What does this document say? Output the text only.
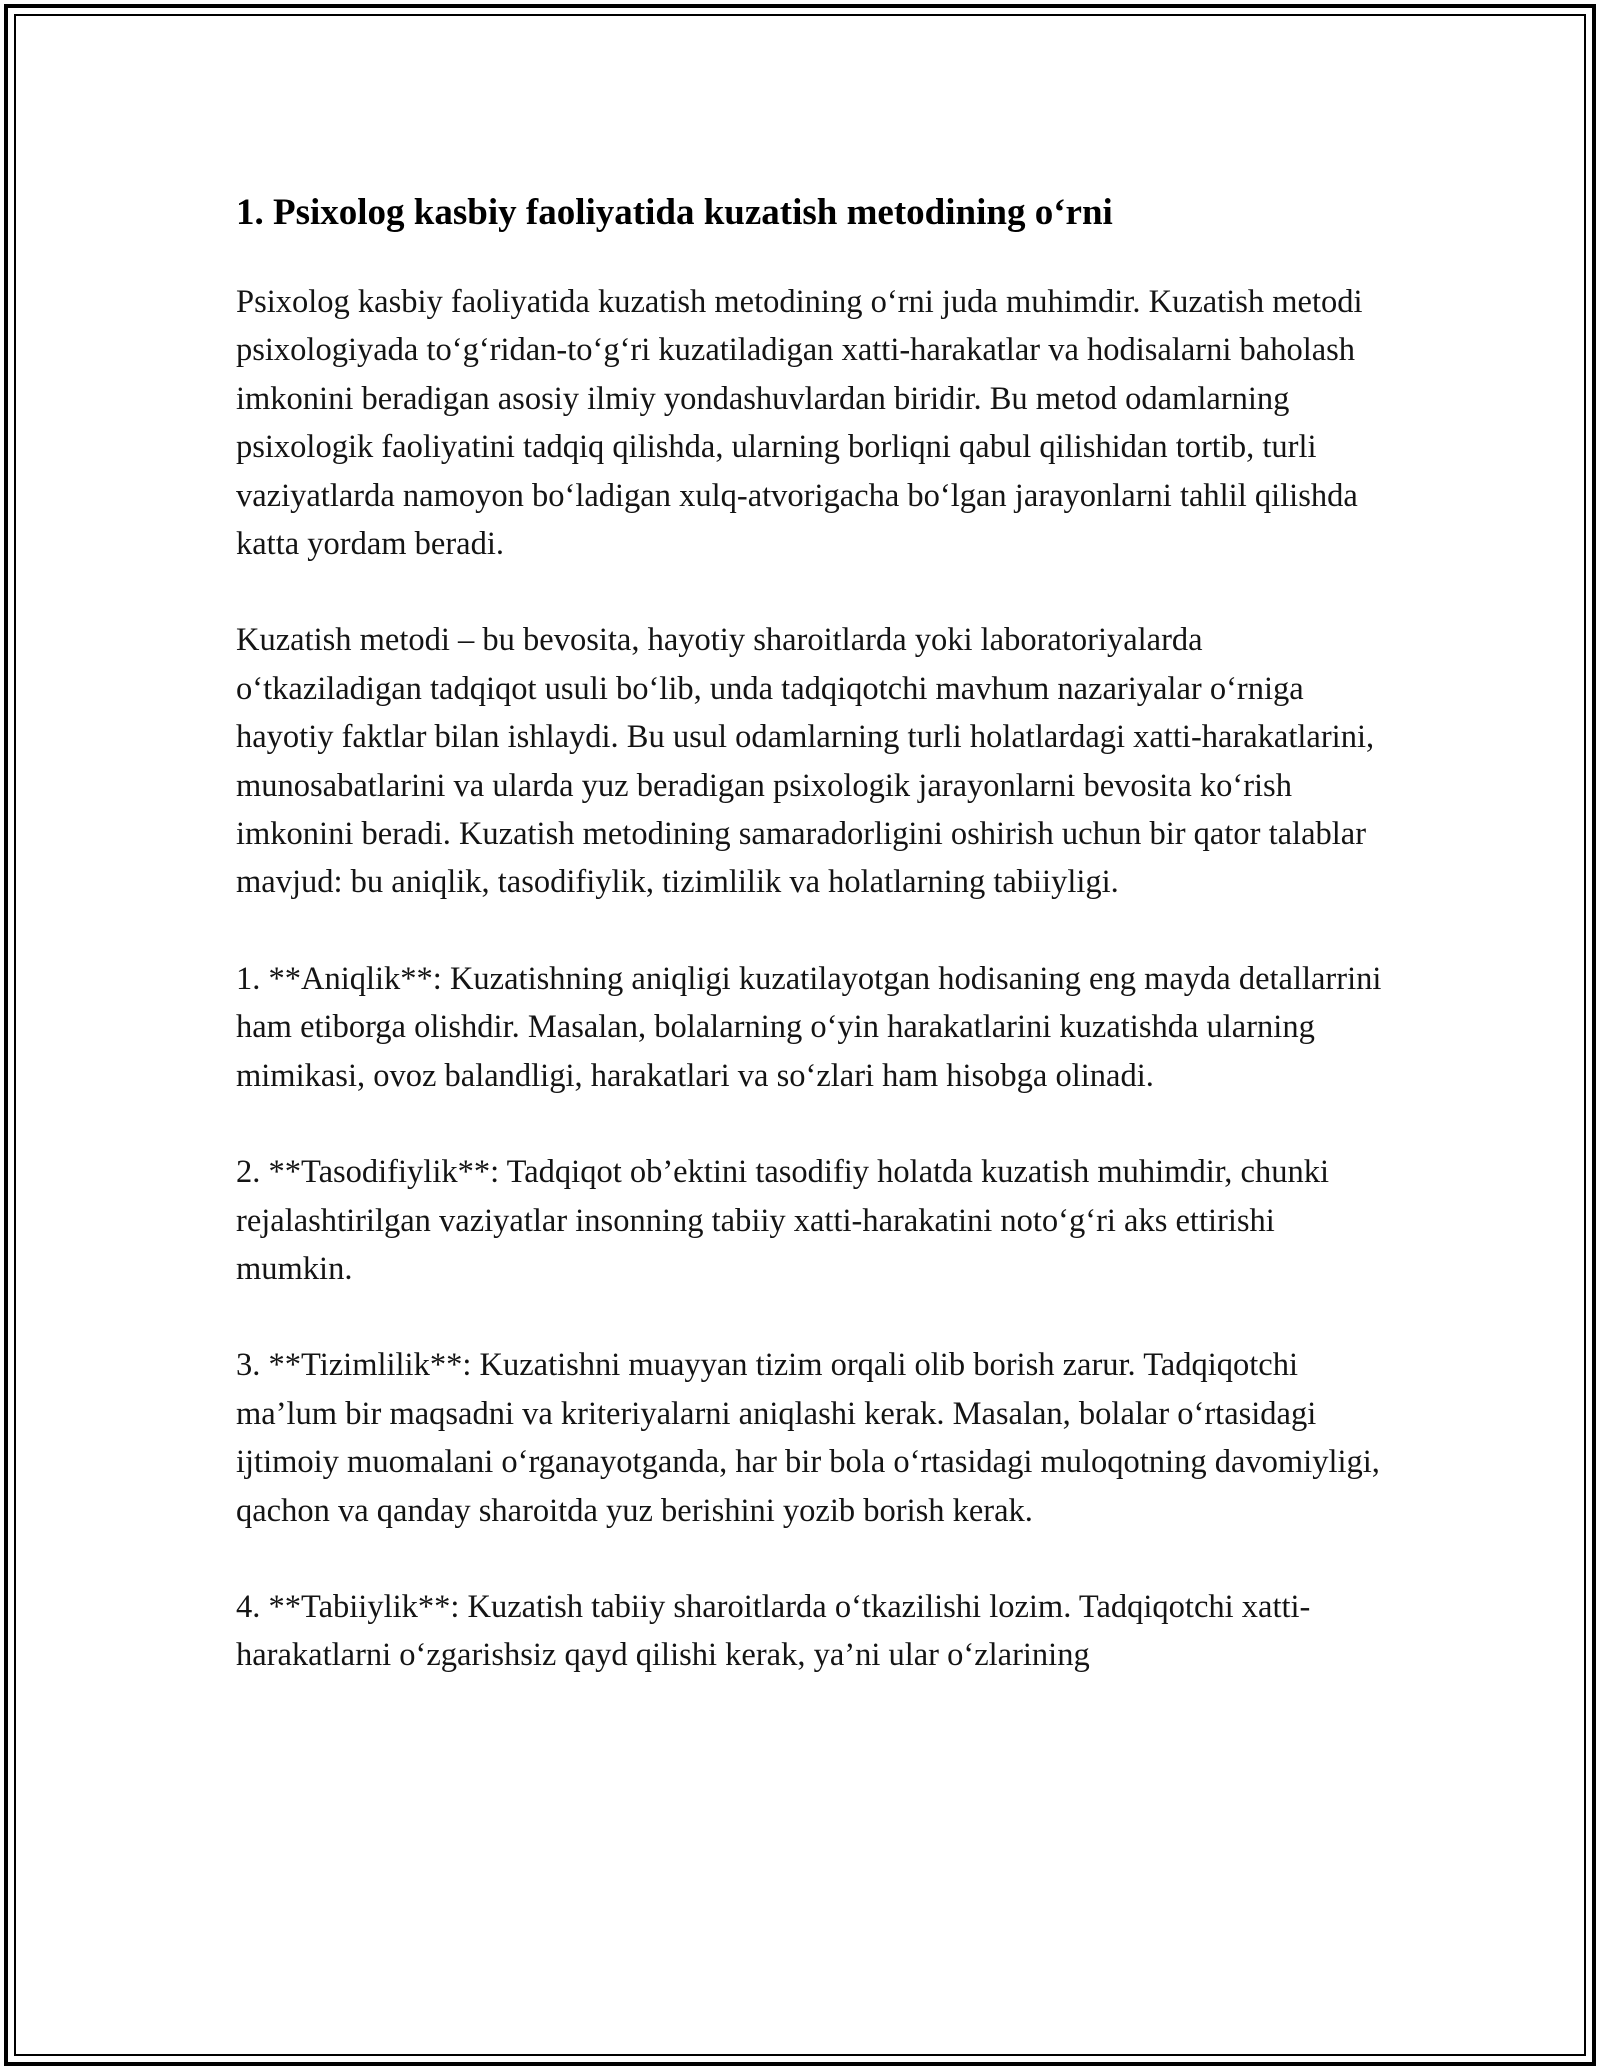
1. Psixolog kasbiy faoliyatida kuzatish metodining o‘rni

Psixolog kasbiy faoliyatida kuzatish metodining o‘rni juda muhimdir. Kuzatish metodi psixologiyada to‘g‘ridan-to‘g‘ri kuzatiladigan xatti-harakatlar va hodisalarni baholash imkonini beradigan asosiy ilmiy yondashuvlardan biridir. Bu metod odamlarning psixologik faoliyatini tadqiq qilishda, ularning borliqni qabul qilishidan tortib, turli vaziyatlarda namoyon bo‘ladigan xulq-atvorigacha bo‘lgan jarayonlarni tahlil qilishda katta yordam beradi.

Kuzatish metodi – bu bevosita, hayotiy sharoitlarda yoki laboratoriyalarda o‘tkaziladigan tadqiqot usuli bo‘lib, unda tadqiqotchi mavhum nazariyalar o‘rniga hayotiy faktlar bilan ishlaydi. Bu usul odamlarning turli holatlardagi xatti-harakatlarini, munosabatlarini va ularda yuz beradigan psixologik jarayonlarni bevosita ko‘rish imkonini beradi. Kuzatish metodining samaradorligini oshirish uchun bir qator talablar mavjud: bu aniqlik, tasodifiylik, tizimlilik va holatlarning tabiiyligi.

1. **Aniqlik**: Kuzatishning aniqligi kuzatilayotgan hodisaning eng mayda detallarrini ham etiborga olishdir. Masalan, bolalarning o‘yin harakatlarini kuzatishda ularning mimikasi, ovoz balandligi, harakatlari va so‘zlari ham hisobga olinadi.

2. **Tasodifiylik**: Tadqiqot ob’ektini tasodifiy holatda kuzatish muhimdir, chunki rejalashtirilgan vaziyatlar insonning tabiiy xatti-harakatini noto‘g‘ri aks ettirishi mumkin.

3. **Tizimlilik**: Kuzatishni muayyan tizim orqali olib borish zarur. Tadqiqotchi ma’lum bir maqsadni va kriteriyalarni aniqlashi kerak. Masalan, bolalar o‘rtasidagi ijtimoiy muomalani o‘rganayotganda, har bir bola o‘rtasidagi muloqotning davomiyligi, qachon va qanday sharoitda yuz berishini yozib borish kerak.

4. **Tabiiylik**: Kuzatish tabiiy sharoitlarda o‘tkazilishi lozim. Tadqiqotchi xatti-harakatlarni o‘zgarishsiz qayd qilishi kerak, ya’ni ular o‘zlarining
